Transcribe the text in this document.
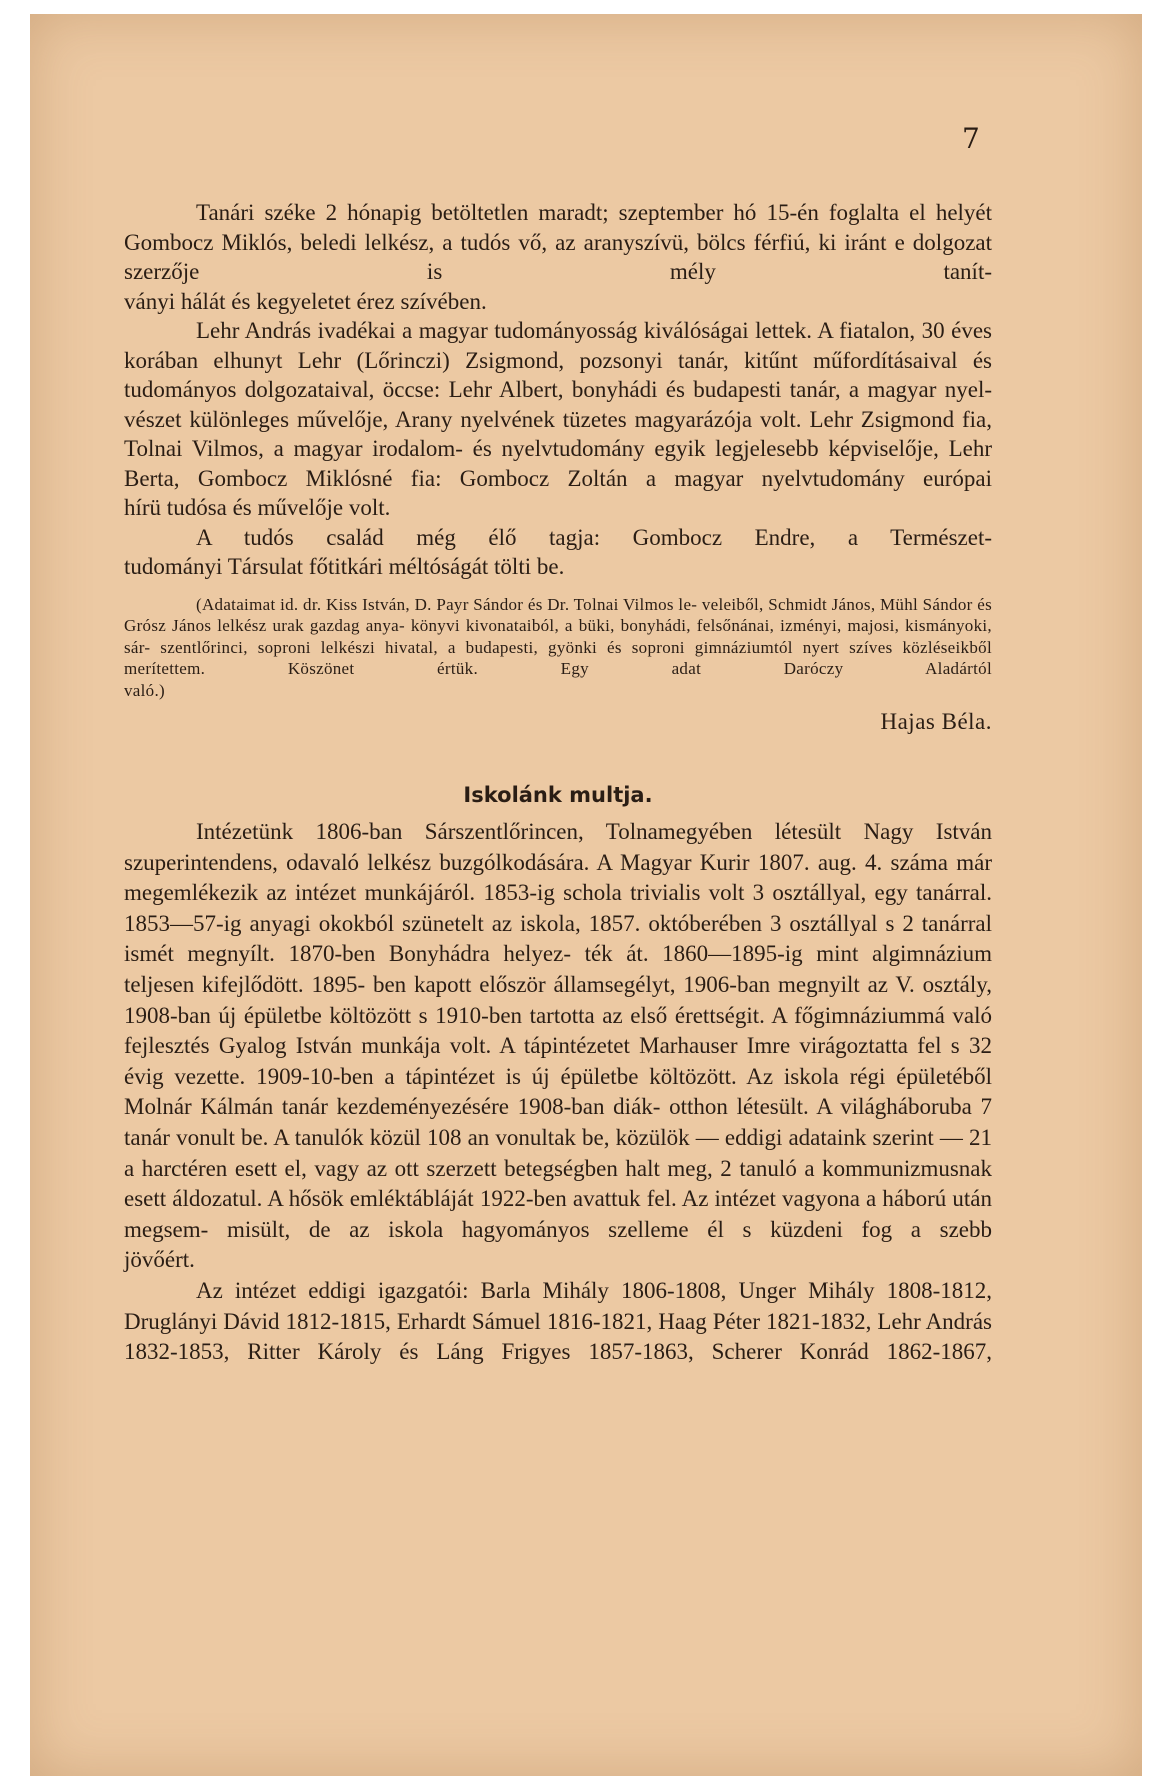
7

Tanári széke 2 hónapig betöltetlen maradt; szeptember hó 15-én foglalta el helyét Gombocz Miklós, beledi lelkész, a tudós vő, az aranyszívü, bölcs férfiú, ki iránt e dolgozat szerzője is mély tanít-

ványi hálát és kegyeletet érez szívében.

Lehr András ivadékai a magyar tudományosság kiválóságai lettek. A fiatalon, 30 éves korában elhunyt Lehr (Lőrinczi) Zsigmond, pozsonyi tanár, kitűnt műfordításaival és tudományos dolgozataival, öccse: Lehr Albert, bonyhádi és budapesti tanár, a magyar nyel- vészet különleges művelője, Arany nyelvének tüzetes magyarázója volt. Lehr Zsigmond fia, Tolnai Vilmos, a magyar irodalom- és nyelvtudomány egyik legjelesebb képviselője, Lehr Berta, Gombocz Miklósné fia: Gombocz Zoltán a magyar nyelvtudomány európai

hírü tudósa és művelője volt.

A tudós család még élő tagja: Gombocz Endre, a Természet-

tudományi Társulat főtitkári méltóságát tölti be.

(Adataimat id. dr. Kiss István, D. Payr Sándor és Dr. Tolnai Vilmos le- veleiből, Schmidt János, Mühl Sándor és Grósz János lelkész urak gazdag anya- könyvi kivonataiból, a büki, bonyhádi, felsőnánai, izményi, majosi, kismányoki, sár- szentlőrinci, soproni lelkészi hivatal, a budapesti, gyönki és soproni gimnáziumtól nyert szíves közléseikből merítettem. Köszönet értük. Egy adat Daróczy Aladártól

való.)

Hajas Béla.

Iskolánk multja.

Intézetünk 1806-ban Sárszentlőrincen, Tolnamegyében létesült Nagy István szuperintendens, odavaló lelkész buzgólkodására. A Magyar Kurir 1807. aug. 4. száma már megemlékezik az intézet munkájáról. 1853-ig schola trivialis volt 3 osztállyal, egy tanárral. 1853—57-ig anyagi okokból szünetelt az iskola, 1857. októberében 3 osztállyal s 2 tanárral ismét megnyílt. 1870-ben Bonyhádra helyez- ték át. 1860—1895-ig mint algimnázium teljesen kifejlődött. 1895- ben kapott először államsegélyt, 1906-ban megnyilt az V. osztály, 1908-ban új épületbe költözött s 1910-ben tartotta az első érettségit. A főgimnáziummá való fejlesztés Gyalog István munkája volt. A tápintézetet Marhauser Imre virágoztatta fel s 32 évig vezette. 1909-10-ben a tápintézet is új épületbe költözött. Az iskola régi épületéből Molnár Kálmán tanár kezdeményezésére 1908-ban diák- otthon létesült. A világháboruba 7 tanár vonult be. A tanulók közül 108 an vonultak be, közülök — eddigi adataink szerint — 21 a harctéren esett el, vagy az ott szerzett betegségben halt meg, 2 tanuló a kommunizmusnak esett áldozatul. A hősök emléktábláját 1922-ben avattuk fel. Az intézet vagyona a háború után megsem- misült, de az iskola hagyományos szelleme él s küzdeni fog a szebb

jövőért.

Az intézet eddigi igazgatói: Barla Mihály 1806-1808, Unger Mihály 1808-1812, Druglányi Dávid 1812-1815, Erhardt Sámuel 1816-1821, Haag Péter 1821-1832, Lehr András 1832-1853, Ritter Károly és Láng Frigyes 1857-1863, Scherer Konrád 1862-1867,
